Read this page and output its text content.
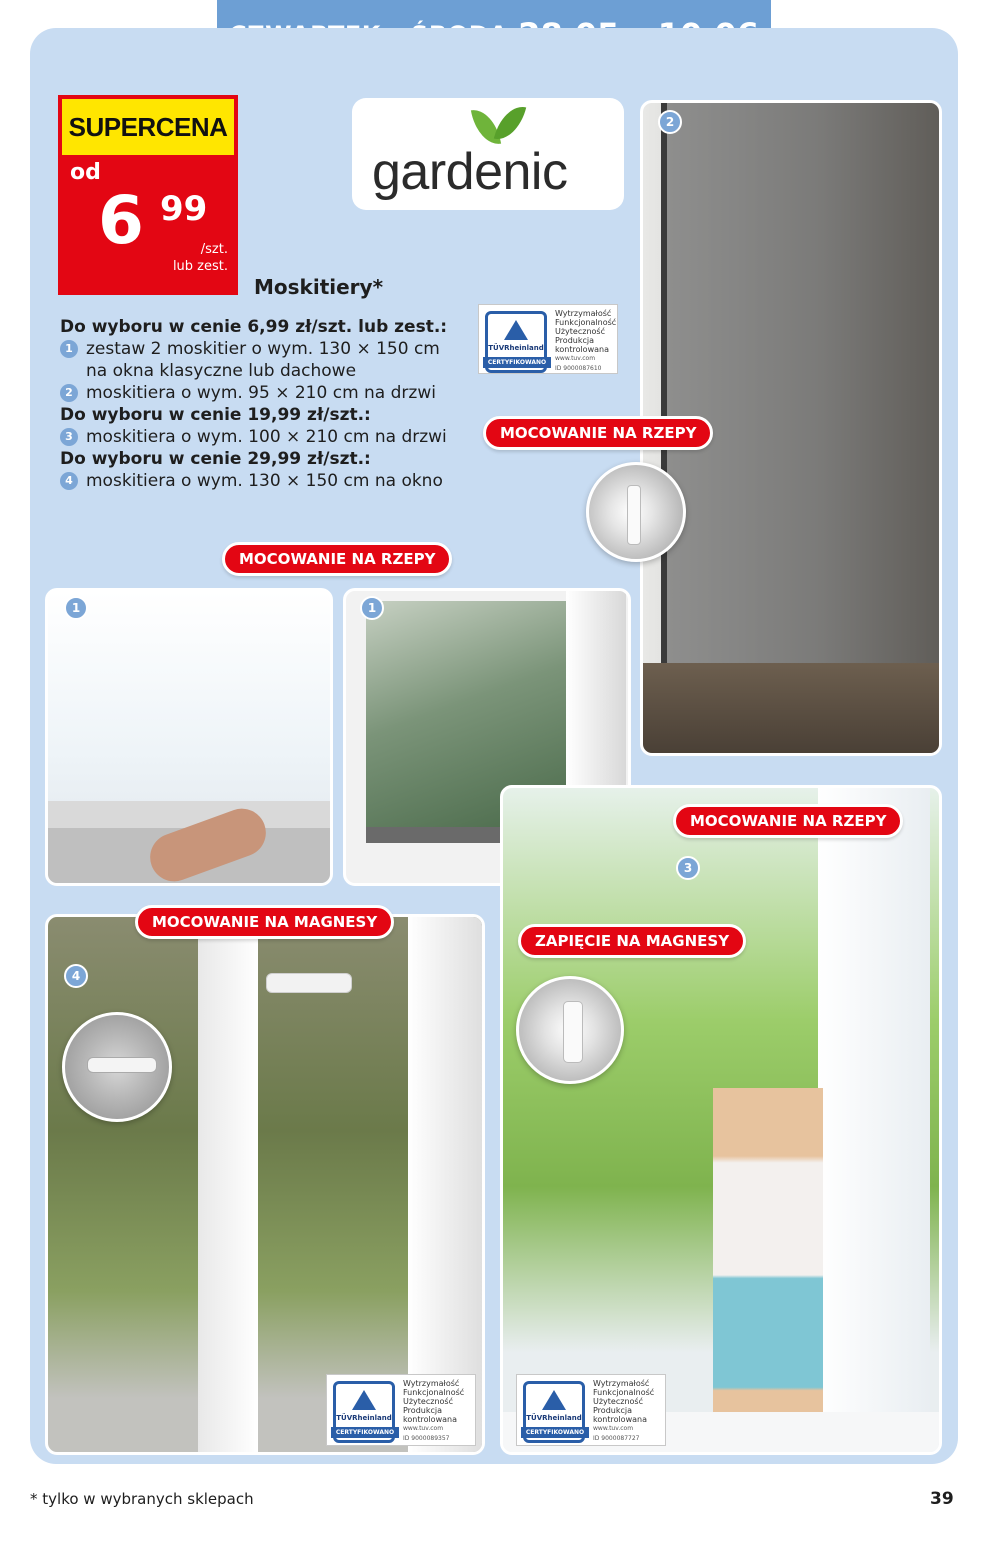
SUPERCENA
od
6 99
/szt.
lub zest.
gardenic
Moskitiery*
Do wyboru w cenie 6,99 zł/szt. lub zest.:
1 zestaw 2 moskitier o wym. 130 × 150 cm na okna klasyczne lub dachowe
2 moskitiera o wym. 95 × 210 cm na drzwi
Do wyboru w cenie 19,99 zł/szt.:
3 moskitiera o wym. 100 × 210 cm na drzwi
Do wyboru w cenie 29,99 zł/szt.:
4 moskitiera o wym. 130 × 150 cm na okno
2
TÜVRheinland
CERTYFIKOWANO
Wytrzymałość
Funkcjonalność
Użyteczność
Produkcja
kontrolowana
www.tuv.com
ID 9000087610
MOCOWANIE NA RZEPY
MOCOWANIE NA RZEPY
1	1
3
MOCOWANIE NA RZEPY
ZAPIĘCIE NA MAGNESY
4
MOCOWANIE NA MAGNESY
TÜVRheinland
CERTYFIKOWANO
Wytrzymałość
Funkcjonalność
Użyteczność
Produkcja
kontrolowana
www.tuv.com
ID 9000089357
TÜVRheinland
CERTYFIKOWANO
Wytrzymałość
Funkcjonalność
Użyteczność
Produkcja
kontrolowana
www.tuv.com
ID 9000087727
* tylko w wybranych sklepach	39
